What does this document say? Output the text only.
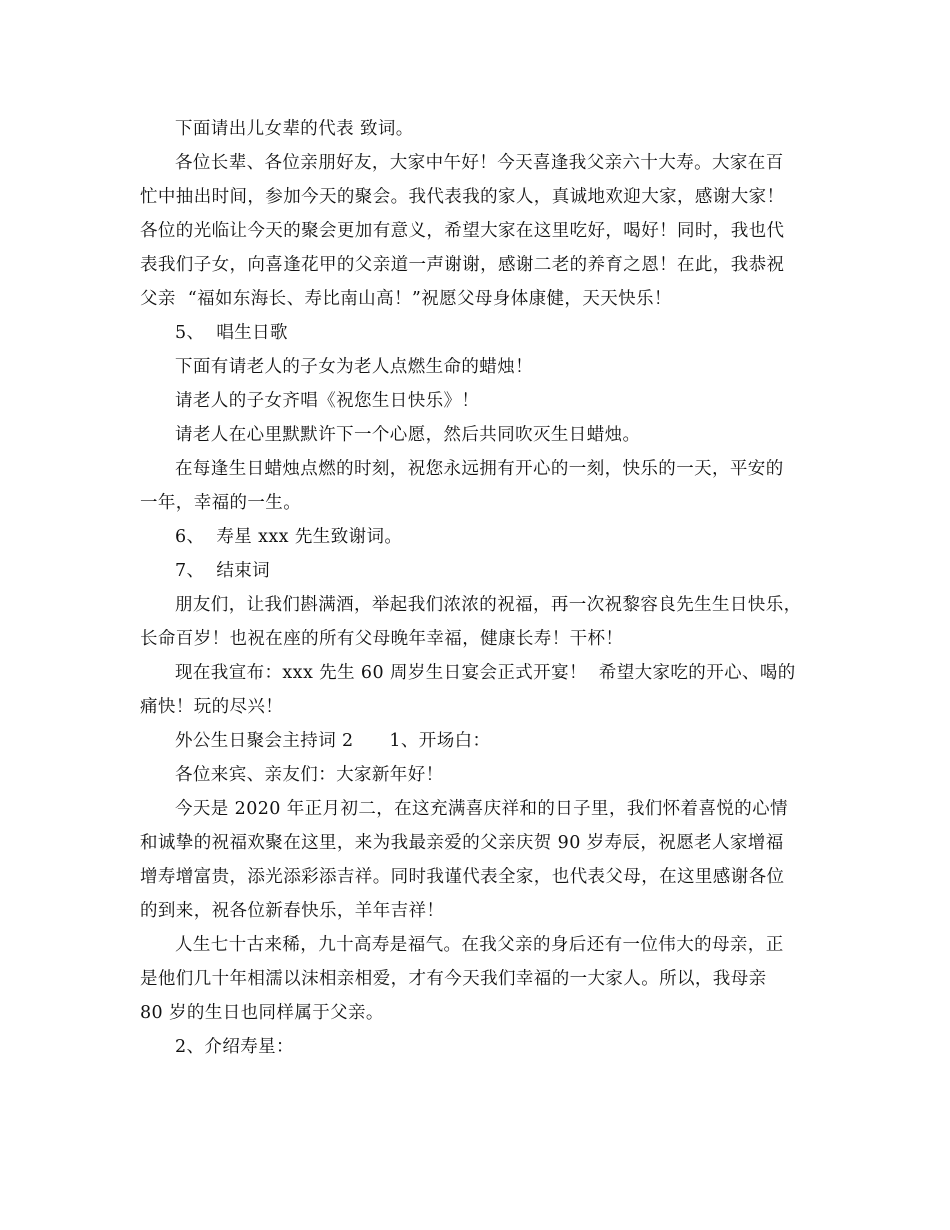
下面请出儿女辈的代表 致词。

各位长辈、各位亲朋好友，大家中午好！今天喜逢我父亲六十大寿。大家在百

忙中抽出时间，参加今天的聚会。我代表我的家人，真诚地欢迎大家，感谢大家！

各位的光临让今天的聚会更加有意义，希望大家在这里吃好，喝好！同时，我也代

表我们子女，向喜逢花甲的父亲道一声谢谢，感谢二老的养育之恩！在此，我恭祝

父亲  “福如东海长、寿比南山高！”祝愿父母身体康健，天天快乐！

5、  唱生日歌

下面有请老人的子女为老人点燃生命的蜡烛！

请老人的子女齐唱《祝您生日快乐》！

请老人在心里默默许下一个心愿，然后共同吹灭生日蜡烛。

在每逢生日蜡烛点燃的时刻，祝您永远拥有开心的一刻，快乐的一天，平安的

一年，幸福的一生。

6、  寿星 xxx 先生致谢词。

7、  结束词

朋友们，让我们斟满酒，举起我们浓浓的祝福，再一次祝黎容良先生生日快乐，

长命百岁！也祝在座的所有父母晚年幸福，健康长寿！干杯！

现在我宣布：xxx 先生 60 周岁生日宴会正式开宴！  希望大家吃的开心、喝的

痛快！玩的尽兴！

外公生日聚会主持词 2      1、开场白：

各位来宾、亲友们：大家新年好！

今天是 2020 年正月初二，在这充满喜庆祥和的日子里，我们怀着喜悦的心情

和诚挚的祝福欢聚在这里，来为我最亲爱的父亲庆贺 90 岁寿辰，祝愿老人家增福

增寿增富贵，添光添彩添吉祥。同时我谨代表全家，也代表父母，在这里感谢各位

的到来，祝各位新春快乐，羊年吉祥！

人生七十古来稀，九十高寿是福气。在我父亲的身后还有一位伟大的母亲，正

是他们几十年相濡以沫相亲相爱，才有今天我们幸福的一大家人。所以，我母亲

80 岁的生日也同样属于父亲。

2、介绍寿星：
